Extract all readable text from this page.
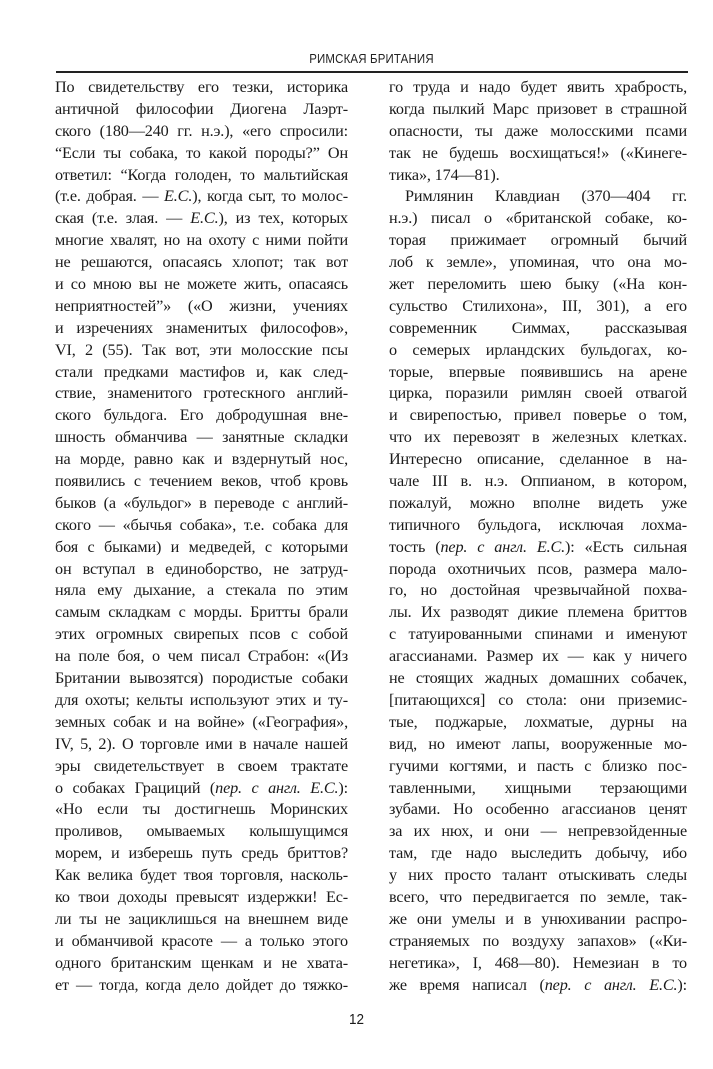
РИМСКАЯ БРИТАНИЯ
По свидетельству его тезки, историка
античной философии Диогена Лаэрт-
ского (180—240 гг. н.э.), «его спросили:
“Если ты собака, то какой породы?” Он
ответил: “Когда голоден, то мальтийская
(т.е. добрая. — Е.С.), когда сыт, то молос-
ская (т.е. злая. — Е.С.), из тех, которых
многие хвалят, но на охоту с ними пойти
не решаются, опасаясь хлопот; так вот
и со мною вы не можете жить, опасаясь
неприятностей”» («О жизни, учениях
и изречениях знаменитых философов»,
VI, 2 (55). Так вот, эти молосские псы
стали предками мастифов и, как след-
ствие, знаменитого гротескного англий-
ского бульдога. Его добродушная вне-
шность обманчива — занятные складки
на морде, равно как и вздернутый нос,
появились с течением веков, чтоб кровь
быков (а «бульдог» в переводе с англий-
ского — «бычья собака», т.е. собака для
боя с быками) и медведей, с которыми
он вступал в единоборство, не затруд-
няла ему дыхание, а стекала по этим
самым складкам с морды. Бритты брали
этих огромных свирепых псов с собой
на поле боя, о чем писал Страбон: «(Из
Британии вывозятся) породистые собаки
для охоты; кельты используют этих и ту-
земных собак и на войне» («География»,
IV, 5, 2). О торговле ими в начале нашей
эры свидетельствует в своем трактате
о собаках Грациций (пер. с англ. Е.С.):
«Но если ты достигнешь Моринских
проливов, омываемых колышущимся
морем, и изберешь путь средь бриттов?
Как велика будет твоя торговля, насколь-
ко твои доходы превысят издержки! Ес-
ли ты не зациклишься на внешнем виде
и обманчивой красоте — а только этого
одного британским щенкам и не хвата-
ет — тогда, когда дело дойдет до тяжко-
го труда и надо будет явить храбрость,
когда пылкий Марс призовет в страшной
опасности, ты даже молосскими псами
так не будешь восхищаться!» («Кинеге-
тика», 174—81).
Римлянин Клавдиан (370—404 гг.
н.э.) писал о «британской собаке, ко-
торая прижимает огромный бычий
лоб к земле», упоминая, что она мо-
жет переломить шею быку («На кон-
сульство Стилихона», III, 301), а его
современник Симмах, рассказывая
о семерых ирландских бульдогах, ко-
торые, впервые появившись на арене
цирка, поразили римлян своей отвагой
и свирепостью, привел поверье о том,
что их перевозят в железных клетках.
Интересно описание, сделанное в на-
чале III в. н.э. Оппианом, в котором,
пожалуй, можно вполне видеть уже
типичного бульдога, исключая лохма-
тость (пер. с англ. Е.С.): «Есть сильная
порода охотничьих псов, размера мало-
го, но достойная чрезвычайной похва-
лы. Их разводят дикие племена бриттов
с татуированными спинами и именуют
агассианами. Размер их — как у ничего
не стоящих жадных домашних собачек,
[питающихся] со стола: они приземис-
тые, поджарые, лохматые, дурны на
вид, но имеют лапы, вооруженные мо-
гучими когтями, и пасть с близко пос-
тавленными, хищными терзающими
зубами. Но особенно агассианов ценят
за их нюх, и они — непревзойденные
там, где надо выследить добычу, ибо
у них просто талант отыскивать следы
всего, что передвигается по земле, так-
же они умелы и в унюхивании распро-
страняемых по воздуху запахов» («Ки-
негетика», I, 468—80). Немезиан в то
же время написал (пер. с англ. Е.С.):
12
